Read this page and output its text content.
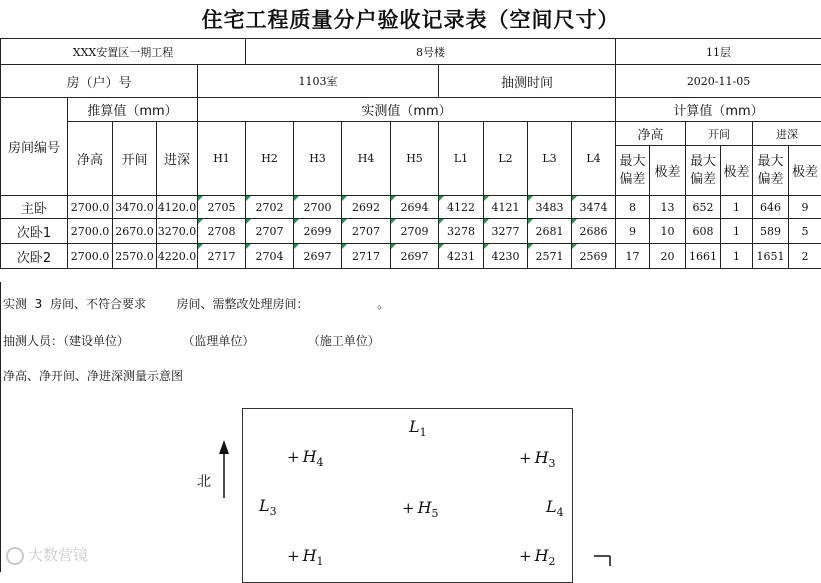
住宅工程质量分户验收记录表（空间尺寸）
XXX安置区一期工程					8号楼								11层					
房（户）号				1103室					抽测时间				2020-11-05					
房间编号	推算值（mm）			实测值（mm）									计算值（mm）					
	净高	开间	进深	H1	H2	H3	H4	H5	L1	L2	L3	L4	净高		开间		进深	
													最大偏差	极差	最大偏差	极差	最大偏差	极差
主卧	2700.0	3470.0	4120.0	2705	2702	2700	2692	2694	4122	4121	3483	3474	8	13	652	1	646	9
次卧1	2700.0	2670.0	3270.0	2708	2707	2699	2707	2709	3278	3277	2681	2686	9	10	608	1	589	5
次卧2	2700.0	2570.0	4220.0	2717	2704	2697	2717	2697	4231	4230	2571	2569	17	20	1661	1	1651	2
实测 3 房间、不符合要求        房间、需整改处理房间：                  。
抽测人员：（建设单位）              （监理单位）              （施工单位）
净高、净开间、净进深测量示意图
北
$L_1$
+ $H_4$	+ $H_3$
$L_3$	+ $H_5$	$L_4$
+ $H_1$	+ $H_2$
大数营镜
